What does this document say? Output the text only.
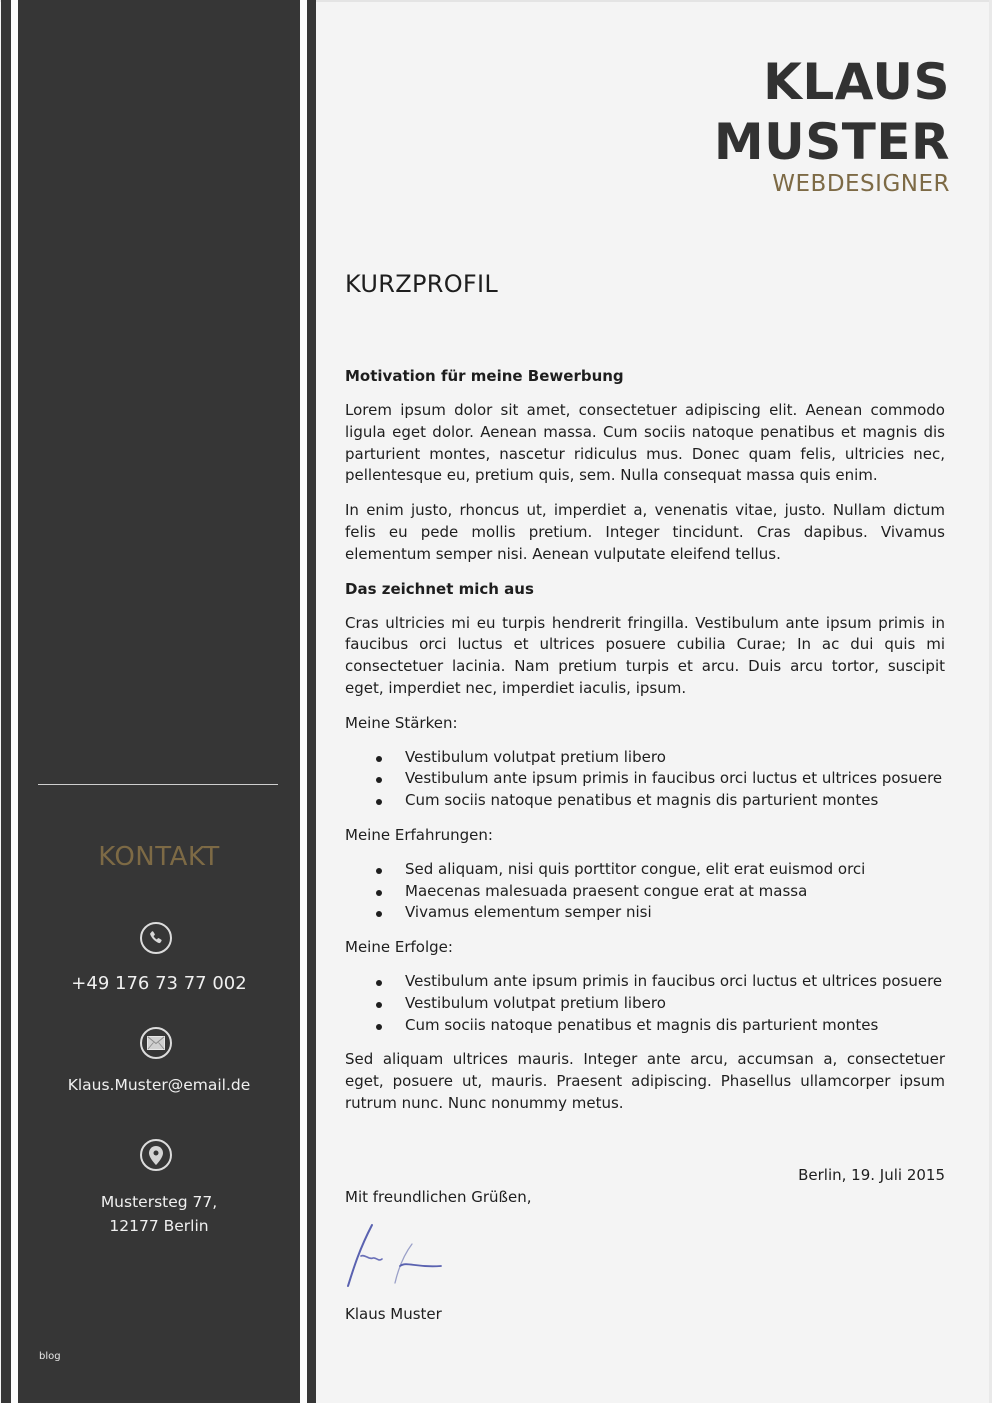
KONTAKT
+49 176 73 77 002
Klaus.Muster@email.de
Mustersteg 77,
12177 Berlin
blog
KLAUS
MUSTER
WEBDESIGNER
KURZPROFIL
Motivation für meine Bewerbung

Lorem ipsum dolor sit amet, consectetuer adipiscing elit. Aenean commodo ligula eget dolor. Aenean massa. Cum sociis natoque penatibus et magnis dis parturient montes, nascetur ridiculus mus. Donec quam felis, ultricies nec, pellentesque eu, pretium quis, sem. Nulla consequat massa quis enim.

In enim justo, rhoncus ut, imperdiet a, venenatis vitae, justo. Nullam dictum felis eu pede mollis pretium. Integer tincidunt. Cras dapibus. Vivamus elementum semper nisi. Aenean vulputate eleifend tellus.

Das zeichnet mich aus

Cras ultricies mi eu turpis hendrerit fringilla. Vestibulum ante ipsum primis in faucibus orci luctus et ultrices posuere cubilia Curae; In ac dui quis mi consectetuer lacinia. Nam pretium turpis et arcu. Duis arcu tortor, suscipit eget, imperdiet nec, imperdiet iaculis, ipsum.

Meine Stärken:
Vestibulum volutpat pretium libero
Vestibulum ante ipsum primis in faucibus orci luctus et ultrices posuere
Cum sociis natoque penatibus et magnis dis parturient montes
Meine Erfahrungen:
Sed aliquam, nisi quis porttitor congue, elit erat euismod orci
Maecenas malesuada praesent congue erat at massa
Vivamus elementum semper nisi
Meine Erfolge:
Vestibulum ante ipsum primis in faucibus orci luctus et ultrices posuere
Vestibulum volutpat pretium libero
Cum sociis natoque penatibus et magnis dis parturient montes

Sed aliquam ultrices mauris. Integer ante arcu, accumsan a, consectetuer eget, posuere ut, mauris. Praesent adipiscing. Phasellus ullamcorper ipsum rutrum nunc. Nunc nonummy metus.

Berlin, 19. Juli 2015
Mit freundlichen Grüßen,
Klaus Muster
